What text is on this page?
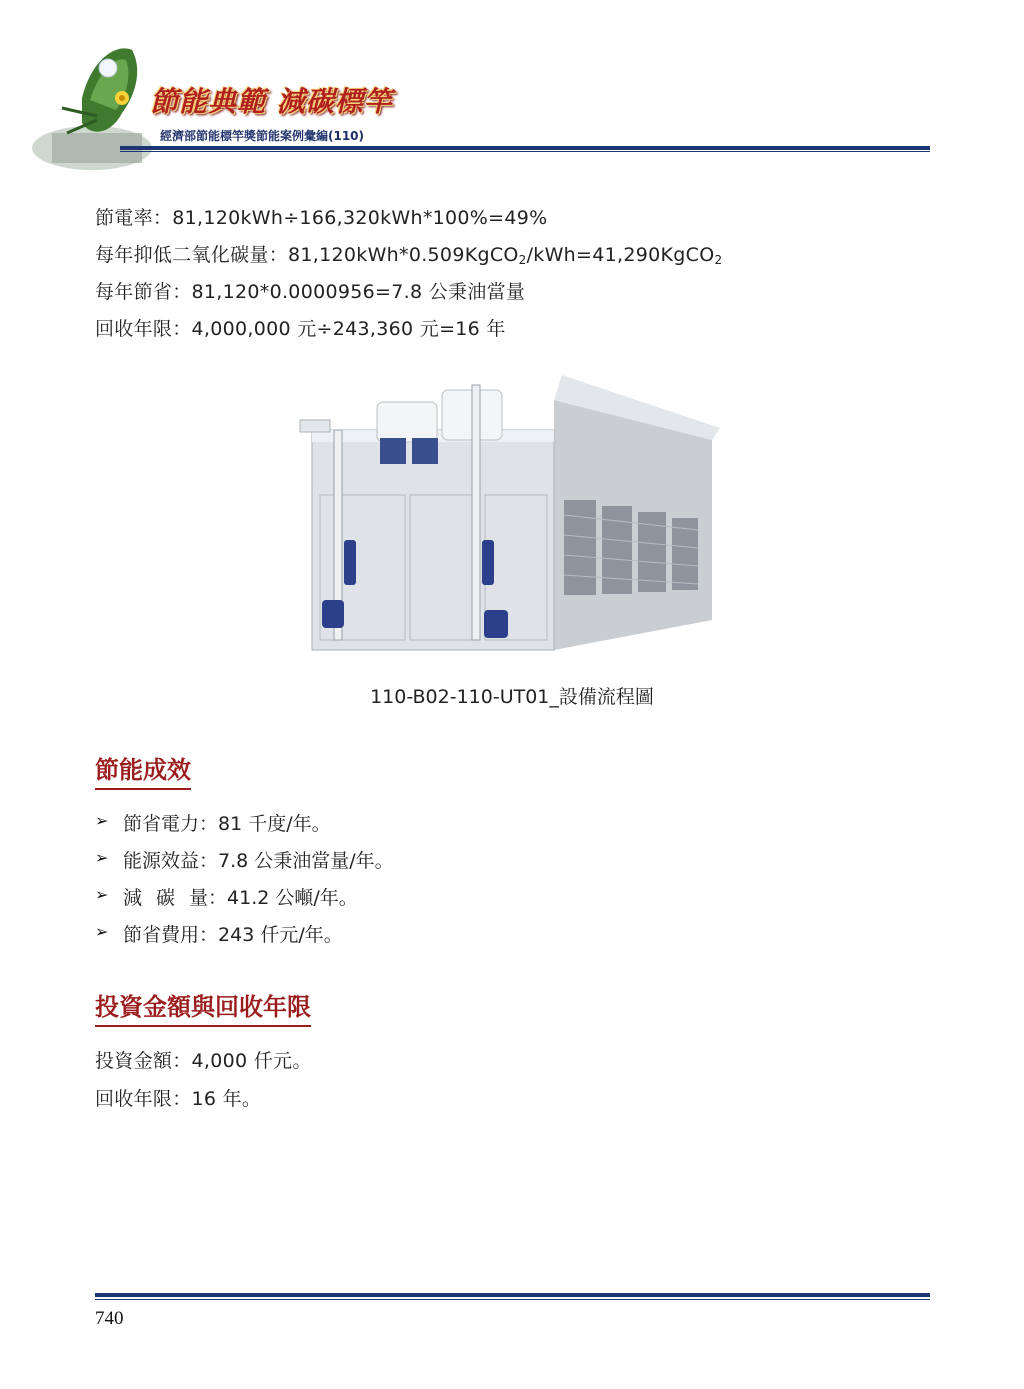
節能典範 減碳標竿
經濟部節能標竿獎節能案例彙編(110)
節電率：81,120kWh÷166,320kWh*100%=49%
每年抑低二氧化碳量：81,120kWh*0.509KgCO$_2$/kWh=41,290KgCO$_2$
每年節省：81,120*0.0000956=7.8 公秉油當量
回收年限：4,000,000 元÷243,360 元=16 年
110-B02-110-UT01_設備流程圖
節能成效
➢ 節省電力 ：81 千度/年。
➢ 能源效益 ：7.8 公秉油當量/年。
➢ 減碳量
：41.2 公噸/年。
➢ 節省費用 ：243 仟元/年。
投資金額與回收年限
投資金額：4,000 仟元。
回收年限：16 年。
740
